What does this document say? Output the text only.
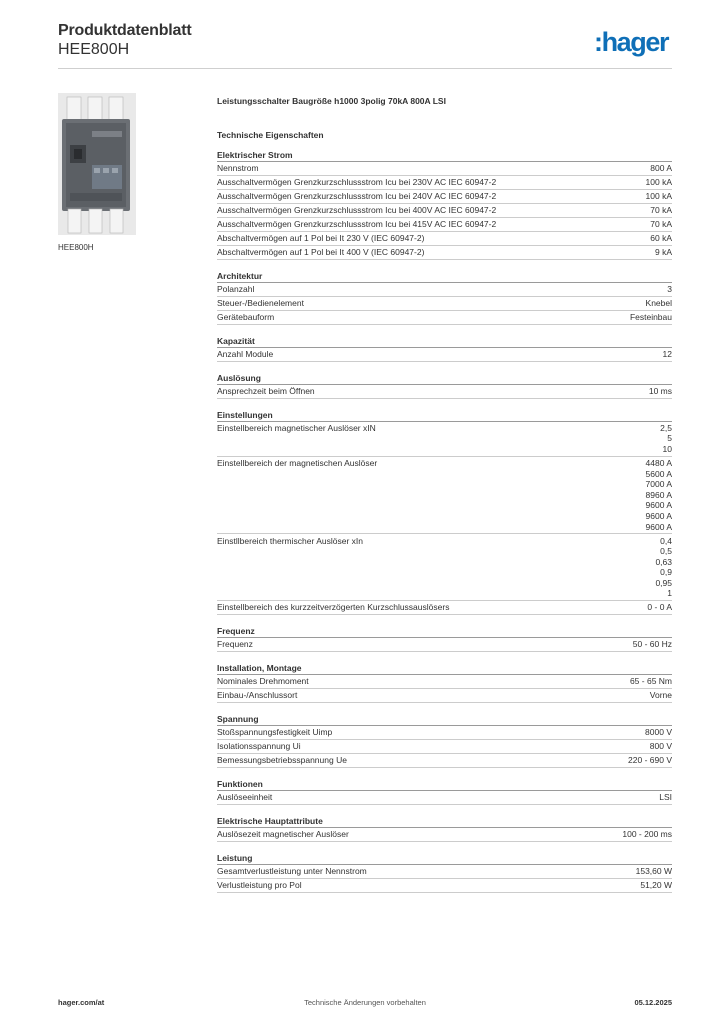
Produktdatenblatt
HEE800H	:hager
HEE800H
Leistungsschalter Baugröße h1000 3polig 70kA 800A LSI
Technische Eigenschaften
Elektrischer Strom
Nennstrom	800 A
Ausschaltvermögen Grenzkurzschlussstrom Icu bei 230V AC IEC 60947-2	100 kA
Ausschaltvermögen Grenzkurzschlussstrom Icu bei 240V AC IEC 60947-2	100 kA
Ausschaltvermögen Grenzkurzschlussstrom Icu bei 400V AC IEC 60947-2	70 kA
Ausschaltvermögen Grenzkurzschlussstrom Icu bei 415V AC IEC 60947-2	70 kA
Abschaltvermögen auf 1 Pol bei It 230 V (IEC 60947-2)	60 kA
Abschaltvermögen auf 1 Pol bei It 400 V (IEC 60947-2)	9 kA
Architektur
Polanzahl	3
Steuer-/Bedienelement	Knebel
Gerätebauform	Festeinbau
Kapazität
Anzahl Module	12
Auslösung
Ansprechzeit beim Öffnen	10 ms
Einstellungen
Einstellbereich magnetischer Auslöser xIN	2,5
5
10
Einstellbereich der magnetischen Auslöser	4480 A
5600 A
7000 A
8960 A
9600 A
9600 A
9600 A
Einstllbereich thermischer Auslöser xIn	0,4
0,5
0,63
0,9
0,95
1
Einstellbereich des kurzzeitverzögerten Kurzschlussauslösers	0 - 0 A
Frequenz
Frequenz	50 - 60 Hz
Installation, Montage
Nominales Drehmoment	65 - 65 Nm
Einbau-/Anschlussort	Vorne
Spannung
Stoßspannungsfestigkeit Uimp	8000 V
Isolationsspannung Ui	800 V
Bemessungsbetriebsspannung Ue	220 - 690 V
Funktionen
Auslöseeinheit	LSI
Elektrische Hauptattribute
Auslösezeit magnetischer Auslöser	100 - 200 ms
Leistung
Gesamtverlustleistung unter Nennstrom	153,60 W
Verlustleistung pro Pol	51,20 W
hager.com/at	Technische Änderungen vorbehalten	05.12.2025
